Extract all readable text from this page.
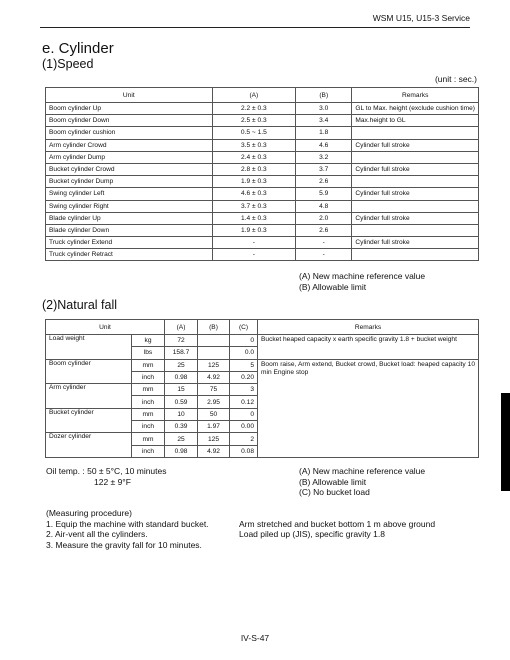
WSM U15, U15-3 Service
e. Cylinder
(1)Speed
(unit : sec.)
Unit	(A)	(B)	Remarks
Boom cylinder Up	2.2 ± 0.3	3.0	GL to Max. height (exclude cushion time)
Boom cylinder Down	2.5 ± 0.3	3.4	Max.height to GL
Boom cylinder cushion	0.5 ~ 1.5	1.8	
Arm cylinder Crowd	3.5 ± 0.3	4.6	Cylinder full stroke
Arm cylinder Dump	2.4 ± 0.3	3.2	
Bucket cylinder Crowd	2.8 ± 0.3	3.7	Cylinder full stroke
Bucket cylinder Dump	1.9 ± 0.3	2.6	
Swing cylinder Left	4.6 ± 0.3	5.9	Cylinder full stroke
Swing cylinder Right	3.7 ± 0.3	4.8	
Blade cylinder Up	1.4 ± 0.3	2.0	Cylinder full stroke
Blade cylinder Down	1.9 ± 0.3	2.6	
Truck cylinder Extend	-	-	Cylinder full stroke
Truck cylinder Retract	-	-	
(A) New machine reference value
(B) Allowable limit
(2)Natural fall
Unit		(A)	(B)	(C)	Remarks
Load weight	kg	72		0	Bucket heaped capacity x earth specific gravity 1.8 + bucket weight
	lbs	158.7		0.0	
Boom cylinder	mm	25	125	5	Boom raise, Arm extend, Bucket crowd, Bucket load: heaped capacity 10 min Engine stop
	inch	0.98	4.92	0.20	
Arm cylinder	mm	15	75	3	
	inch	0.59	2.95	0.12	
Bucket cylinder	mm	10	50	0	
	inch	0.39	1.97	0.00	
Dozer cylinder	mm	25	125	2	
	inch	0.98	4.92	0.08	
Oil temp. : 50 ± 5°C, 10 minutes
122 ± 9°F
(A) New machine reference value
(B) Allowable limit
(C) No bucket load
(Measuring procedure)
1. Equip the machine with standard bucket.	Arm stretched and bucket bottom 1 m above ground
2. Air-vent all the cylinders.	Load piled up (JIS), specific gravity 1.8
3. Measure the gravity fall for 10 minutes.
IV-S-47
